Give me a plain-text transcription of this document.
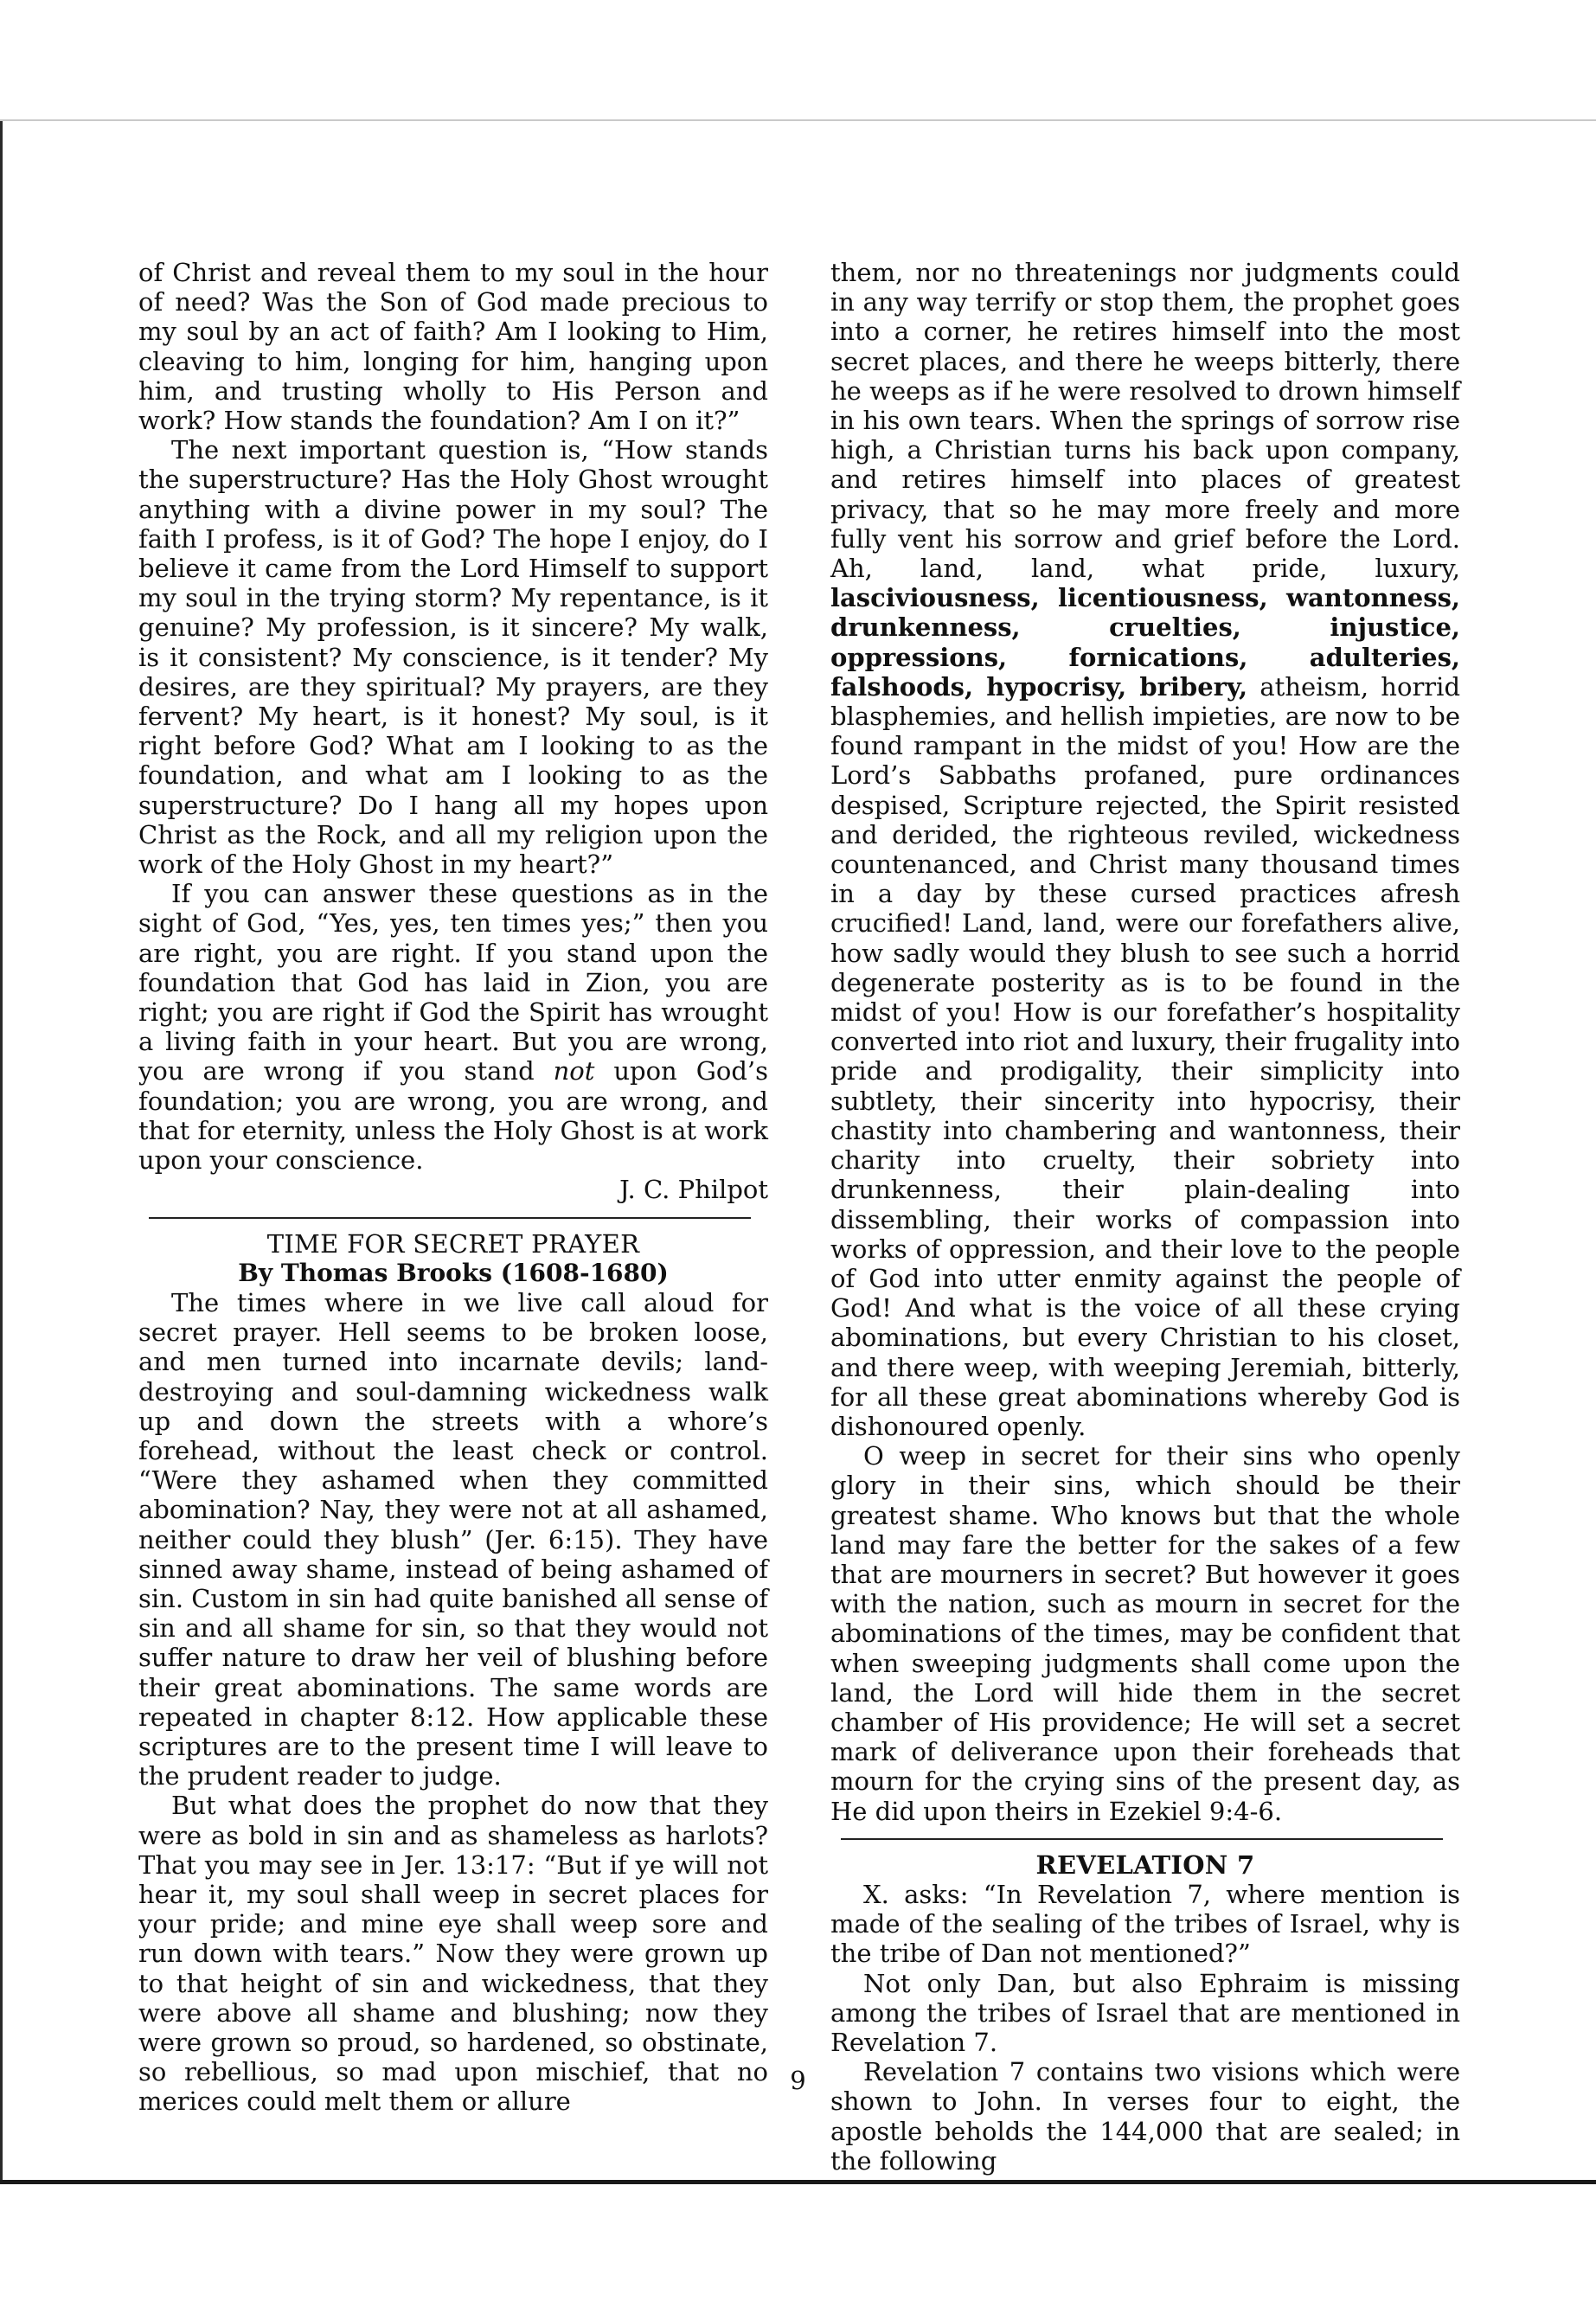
of Christ and reveal them to my soul in the hour of need? Was the Son of God made precious to my soul by an act of faith? Am I looking to Him, cleaving to him, longing for him, hanging upon him, and trusting wholly to His Person and work? How stands the foundation? Am I on it?”

The next important question is, “How stands the superstructure? Has the Holy Ghost wrought anything with a divine power in my soul? The faith I profess, is it of God? The hope I enjoy, do I believe it came from the Lord Himself to support my soul in the trying storm? My repentance, is it genuine? My profession, is it sincere? My walk, is it consistent? My conscience, is it tender? My desires, are they spiritual? My prayers, are they fervent? My heart, is it honest? My soul, is it right before God? What am I looking to as the foundation, and what am I looking to as the superstructure? Do I hang all my hopes upon Christ as the Rock, and all my religion upon the work of the Holy Ghost in my heart?”

If you can answer these questions as in the sight of God, “Yes, yes, ten times yes;” then you are right, you are right. If you stand upon the foundation that God has laid in Zion, you are right; you are right if God the Spirit has wrought a living faith in your heart. But you are wrong, you are wrong if you stand not upon God’s foundation; you are wrong, you are wrong, and that for eternity, unless the Holy Ghost is at work upon your conscience.

J. C. Philpot

TIME FOR SECRET PRAYER

By Thomas Brooks (1608-1680)

The times where in we live call aloud for secret prayer. Hell seems to be broken loose, and men turned into incarnate devils; land-destroying and soul-damning wickedness walk up and down the streets with a whore’s forehead, without the least check or control. “Were they ashamed when they committed abomination? Nay, they were not at all ashamed, neither could they blush” (Jer. 6:15). They have sinned away shame, instead of being ashamed of sin. Custom in sin had quite banished all sense of sin and all shame for sin, so that they would not suffer nature to draw her veil of blushing before their great abominations. The same words are repeated in chapter 8:12. How applicable these scriptures are to the present time I will leave to the prudent reader to judge.

But what does the prophet do now that they were as bold in sin and as shameless as harlots? That you may see in Jer. 13:17: “But if ye will not hear it, my soul shall weep in secret places for your pride; and mine eye shall weep sore and run down with tears.” Now they were grown up to that height of sin and wickedness, that they were above all shame and blushing; now they were grown so proud, so hardened, so obstinate, so rebellious, so mad upon mischief, that no merices could melt them or allure

them, nor no threatenings nor judgments could in any way terrify or stop them, the prophet goes into a corner, he retires himself into the most secret places, and there he weeps bitterly, there he weeps as if he were resolved to drown himself in his own tears. When the springs of sorrow rise high, a Christian turns his back upon company, and retires himself into places of greatest privacy, that so he may more freely and more fully vent his sorrow and grief before the Lord. Ah, land, land, what pride, luxury, lasciviousness, licentiousness, wantonness, drunkenness, cruelties, injustice, oppressions, fornications, adulteries, falshoods, hypocrisy, bribery, atheism, horrid blasphemies, and hellish impieties, are now to be found rampant in the midst of you! How are the Lord’s Sabbaths profaned, pure ordinances despised, Scripture rejected, the Spirit resisted and derided, the righteous reviled, wickedness countenanced, and Christ many thousand times in a day by these cursed practices afresh crucified! Land, land, were our forefathers alive, how sadly would they blush to see such a horrid degenerate posterity as is to be found in the midst of you! How is our forefather’s hospitality converted into riot and luxury, their frugality into pride and prodigality, their simplicity into subtlety, their sincerity into hypocrisy, their chastity into chambering and wantonness, their charity into cruelty, their sobriety into drunkenness, their plain-dealing into dissembling, their works of compassion into works of oppression, and their love to the people of God into utter enmity against the people of God! And what is the voice of all these crying abominations, but every Christian to his closet, and there weep, with weeping Jeremiah, bitterly, for all these great abominations whereby God is dishonoured openly.

O weep in secret for their sins who openly glory in their sins, which should be their greatest shame. Who knows but that the whole land may fare the better for the sakes of a few that are mourners in secret? But however it goes with the nation, such as mourn in secret for the abominations of the times, may be confident that when sweeping judgments shall come upon the land, the Lord will hide them in the secret chamber of His providence; He will set a secret mark of deliverance upon their foreheads that mourn for the crying sins of the present day, as He did upon theirs in Ezekiel 9:4-6.

REVELATION 7

X. asks: “In Revelation 7, where mention is made of the sealing of the tribes of Israel, why is the tribe of Dan not mentioned?”

Not only Dan, but also Ephraim is missing among the tribes of Israel that are mentioned in Revelation 7.

Revelation 7 contains two visions which were shown to John. In verses four to eight, the apostle beholds the 144,000 that are sealed; in the following

9
